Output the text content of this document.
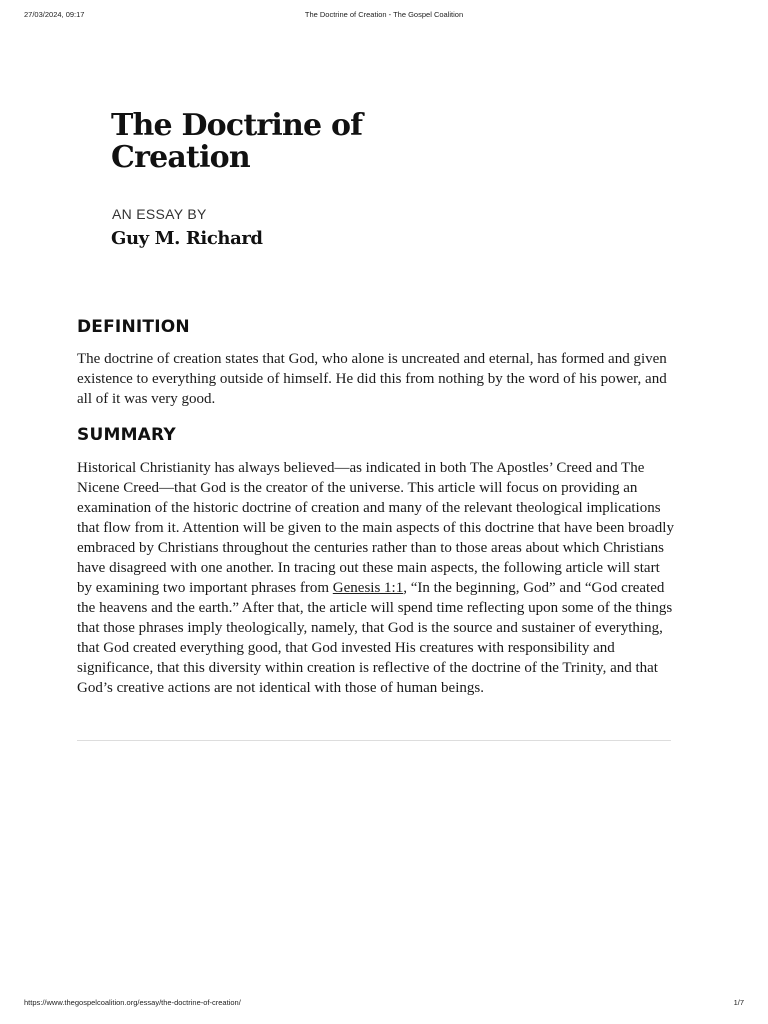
27/03/2024, 09:17	The Doctrine of Creation - The Gospel Coalition
The Doctrine of
Creation
AN ESSAY BY
Guy M. Richard
DEFINITION

The doctrine of creation states that God, who alone is uncreated and eternal, has formed and given existence to everything outside of himself. He did this from nothing by the word of his power, and all of it was very good.

SUMMARY

Historical Christianity has always believed—as indicated in both The Apostles’ Creed and The Nicene Creed—that God is the creator of the universe. This article will focus on providing an examination of the historic doctrine of creation and many of the relevant theological implications that flow from it. Attention will be given to the main aspects of this doctrine that have been broadly embraced by Christians throughout the centuries rather than to those areas about which Christians have disagreed with one another. In tracing out these main aspects, the following article will start by examining two important phrases from Genesis 1:1, “In the beginning, God” and “God created the heavens and the earth.” After that, the article will spend time reflecting upon some of the things that those phrases imply theologically, namely, that God is the source and sustainer of everything, that God created everything good, that God invested His creatures with responsibility and significance, that this diversity within creation is reflective of the doctrine of the Trinity, and that God’s creative actions are not identical with those of human beings.

https://www.thegospelcoalition.org/essay/the-doctrine-of-creation/	1/7
